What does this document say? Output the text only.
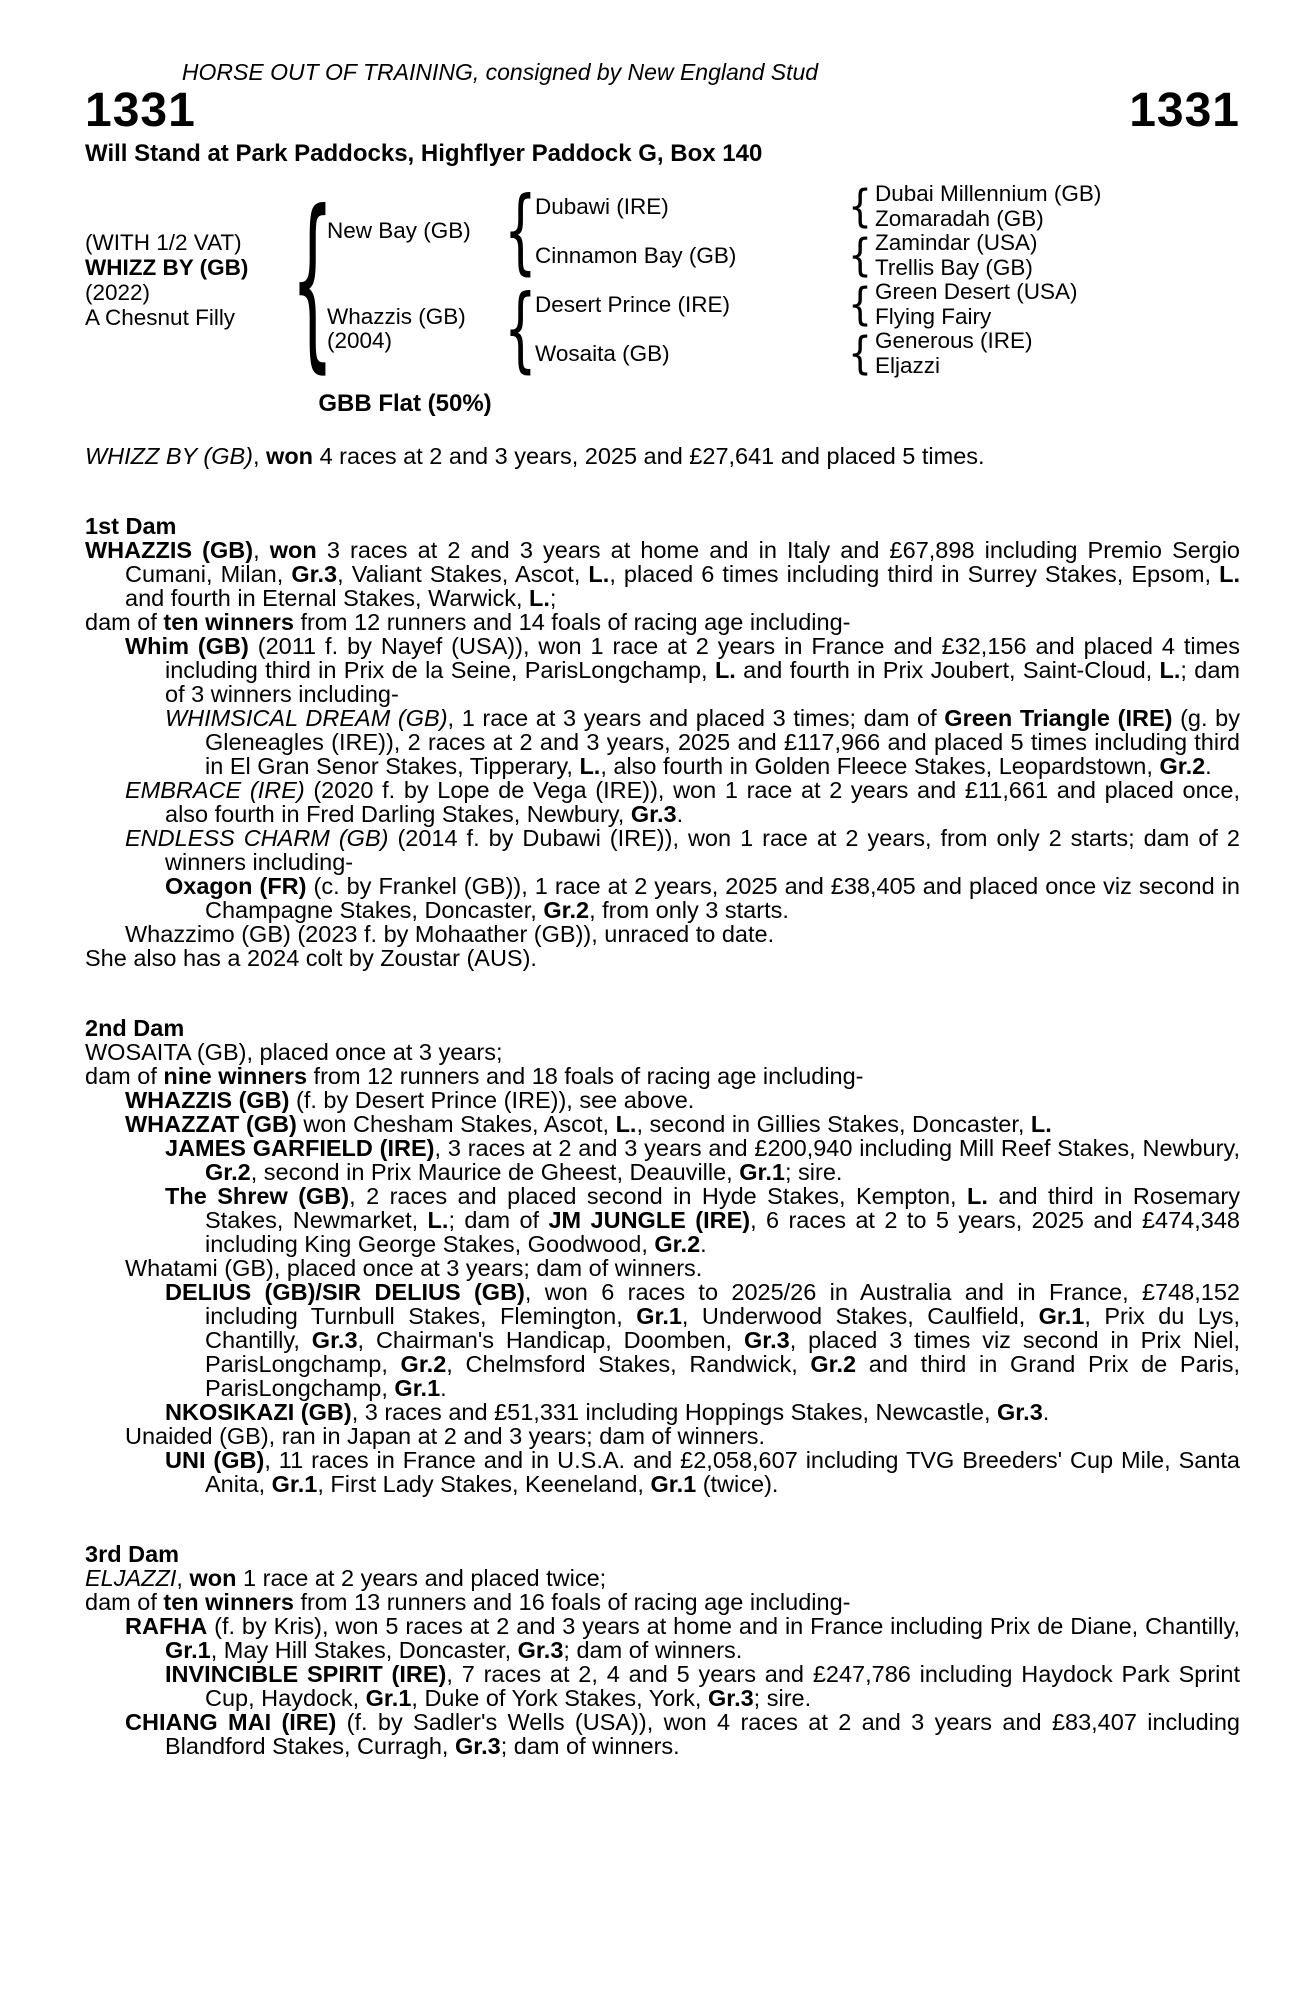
HORSE OUT OF TRAINING, consigned by New England Stud
1331	1331
Will Stand at Park Paddocks, Highflyer Paddock G, Box 140
(WITH 1/2 VAT)
WHIZZ BY (GB)
(2022)
A Chesnut Filly { {
{
{
{
{
{
New Bay (GB)
Whazzis (GB)
(2004)
Dubawi (IRE)
Cinnamon Bay (GB)
Desert Prince (IRE)
Wosaita (GB)
Dubai Millennium (GB)
Zomaradah (GB)
Zamindar (USA)
Trellis Bay (GB)
Green Desert (USA)
Flying Fairy
Generous (IRE)
Eljazzi
GBB Flat (50%)
WHIZZ BY (GB), won 4 races at 2 and 3 years, 2025 and £27,641 and placed 5 times.
1st Dam
WHAZZIS (GB), won 3 races at 2 and 3 years at home and in Italy and £67,898 including Premio Sergio Cumani, Milan, Gr.3, Valiant Stakes, Ascot, L., placed 6 times including third in Surrey Stakes, Epsom, L. and fourth in Eternal Stakes, Warwick, L.;
dam of ten winners from 12 runners and 14 foals of racing age including-
Whim (GB) (2011 f. by Nayef (USA)), won 1 race at 2 years in France and £32,156 and placed 4 times including third in Prix de la Seine, ParisLongchamp, L. and fourth in Prix Joubert, Saint-Cloud, L.; dam of 3 winners including-
WHIMSICAL DREAM (GB), 1 race at 3 years and placed 3 times; dam of Green Triangle (IRE) (g. by Gleneagles (IRE)), 2 races at 2 and 3 years, 2025 and £117,966 and placed 5 times including third in El Gran Senor Stakes, Tipperary, L., also fourth in Golden Fleece Stakes, Leopardstown, Gr.2.
EMBRACE (IRE) (2020 f. by Lope de Vega (IRE)), won 1 race at 2 years and £11,661 and placed once, also fourth in Fred Darling Stakes, Newbury, Gr.3.
ENDLESS CHARM (GB) (2014 f. by Dubawi (IRE)), won 1 race at 2 years, from only 2 starts; dam of 2 winners including-
Oxagon (FR) (c. by Frankel (GB)), 1 race at 2 years, 2025 and £38,405 and placed once viz second in Champagne Stakes, Doncaster, Gr.2, from only 3 starts.
Whazzimo (GB) (2023 f. by Mohaather (GB)), unraced to date.
She also has a 2024 colt by Zoustar (AUS).
2nd Dam
WOSAITA (GB), placed once at 3 years;
dam of nine winners from 12 runners and 18 foals of racing age including-
WHAZZIS (GB) (f. by Desert Prince (IRE)), see above.
WHAZZAT (GB) won Chesham Stakes, Ascot, L., second in Gillies Stakes, Doncaster, L.
JAMES GARFIELD (IRE), 3 races at 2 and 3 years and £200,940 including Mill Reef Stakes, Newbury, Gr.2, second in Prix Maurice de Gheest, Deauville, Gr.1; sire.
The Shrew (GB), 2 races and placed second in Hyde Stakes, Kempton, L. and third in Rosemary Stakes, Newmarket, L.; dam of JM JUNGLE (IRE), 6 races at 2 to 5 years, 2025 and £474,348 including King George Stakes, Goodwood, Gr.2.
Whatami (GB), placed once at 3 years; dam of winners.
DELIUS (GB)/SIR DELIUS (GB), won 6 races to 2025/26 in Australia and in France, £748,152 including Turnbull Stakes, Flemington, Gr.1, Underwood Stakes, Caulfield, Gr.1, Prix du Lys, Chantilly, Gr.3, Chairman's Handicap, Doomben, Gr.3, placed 3 times viz second in Prix Niel, ParisLongchamp, Gr.2, Chelmsford Stakes, Randwick, Gr.2 and third in Grand Prix de Paris, ParisLongchamp, Gr.1.
NKOSIKAZI (GB), 3 races and £51,331 including Hoppings Stakes, Newcastle, Gr.3.
Unaided (GB), ran in Japan at 2 and 3 years; dam of winners.
UNI (GB), 11 races in France and in U.S.A. and £2,058,607 including TVG Breeders' Cup Mile, Santa Anita, Gr.1, First Lady Stakes, Keeneland, Gr.1 (twice).
3rd Dam
ELJAZZI, won 1 race at 2 years and placed twice;
dam of ten winners from 13 runners and 16 foals of racing age including-
RAFHA (f. by Kris), won 5 races at 2 and 3 years at home and in France including Prix de Diane, Chantilly, Gr.1, May Hill Stakes, Doncaster, Gr.3; dam of winners.
INVINCIBLE SPIRIT (IRE), 7 races at 2, 4 and 5 years and £247,786 including Haydock Park Sprint Cup, Haydock, Gr.1, Duke of York Stakes, York, Gr.3; sire.
CHIANG MAI (IRE) (f. by Sadler's Wells (USA)), won 4 races at 2 and 3 years and £83,407 including Blandford Stakes, Curragh, Gr.3; dam of winners.
